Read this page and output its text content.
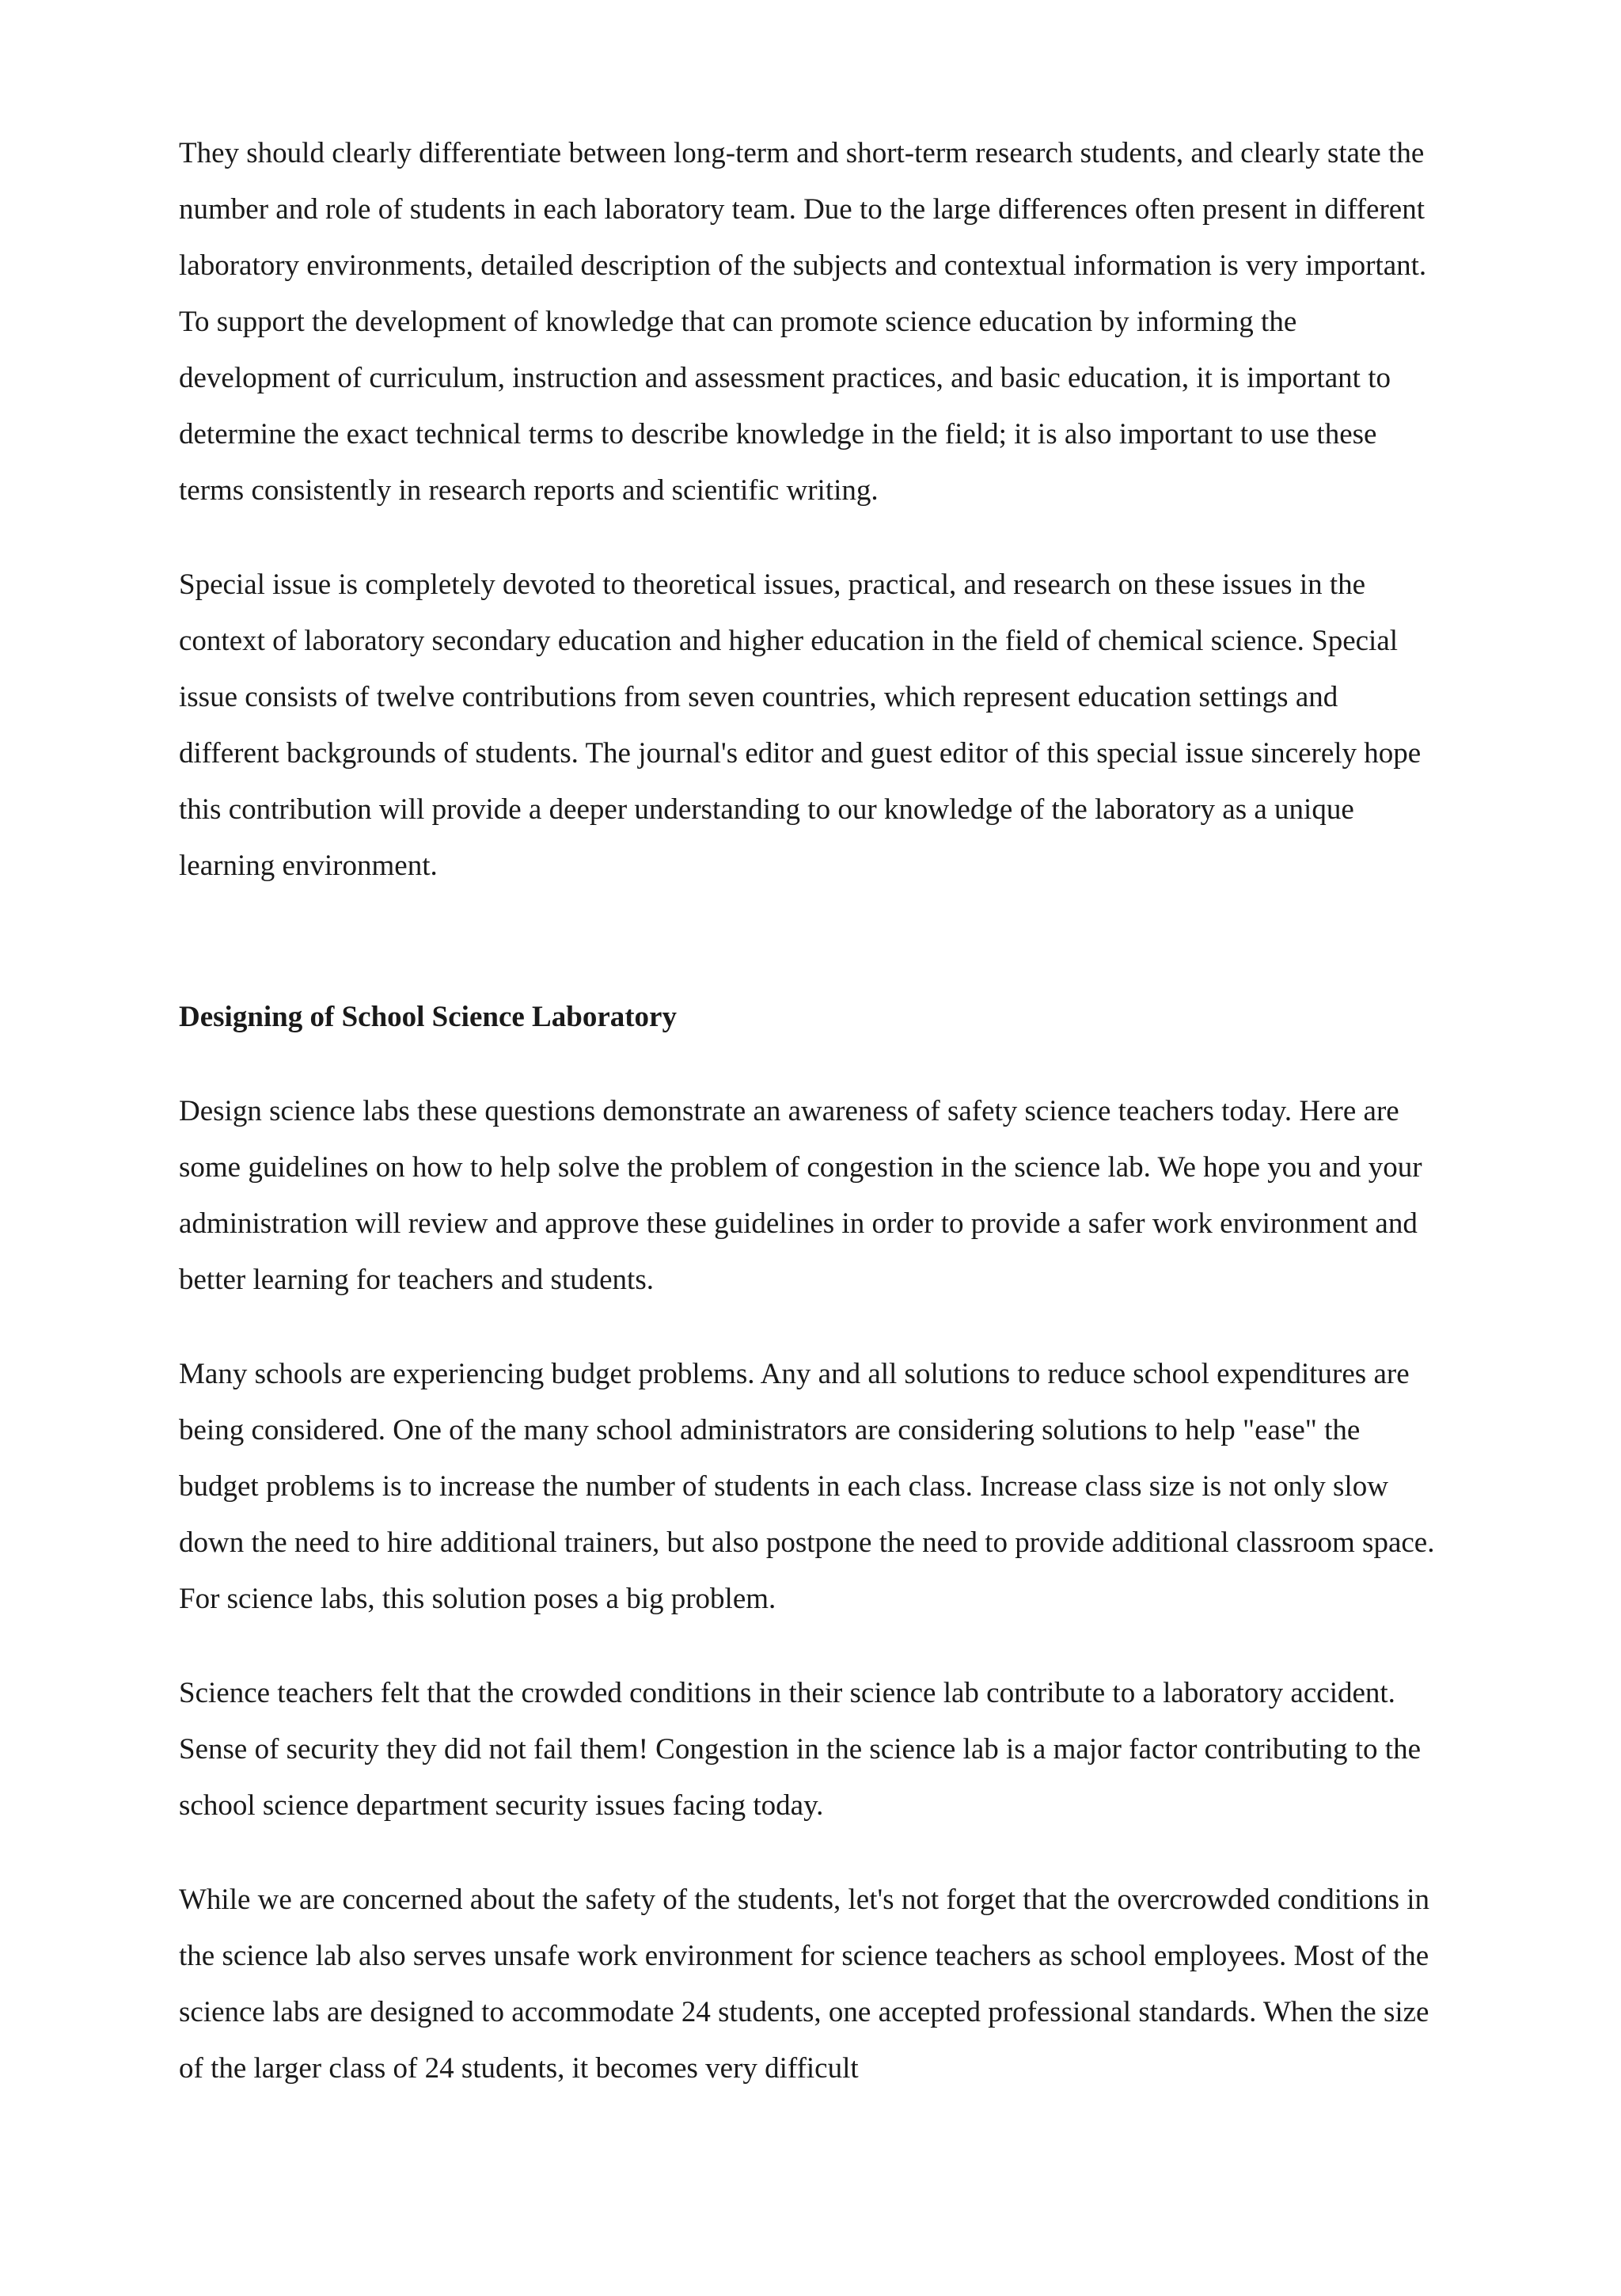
They should clearly differentiate between long-term and short-term research students, and clearly state the number and role of students in each laboratory team. Due to the large differences often present in different laboratory environments, detailed description of the subjects and contextual information is very important. To support the development of knowledge that can promote science education by informing the development of curriculum, instruction and assessment practices, and basic education, it is important to determine the exact technical terms to describe knowledge in the field; it is also important to use these terms consistently in research reports and scientific writing.

Special issue is completely devoted to theoretical issues, practical, and research on these issues in the context of laboratory secondary education and higher education in the field of chemical science. Special issue consists of twelve contributions from seven countries, which represent education settings and different backgrounds of students. The journal's editor and guest editor of this special issue sincerely hope this contribution will provide a deeper understanding to our knowledge of the laboratory as a unique learning environment.

Designing of School Science Laboratory

Design science labs these questions demonstrate an awareness of safety science teachers today. Here are some guidelines on how to help solve the problem of congestion in the science lab. We hope you and your administration will review and approve these guidelines in order to provide a safer work environment and better learning for teachers and students.

Many schools are experiencing budget problems. Any and all solutions to reduce school expenditures are being considered. One of the many school administrators are considering solutions to help "ease" the budget problems is to increase the number of students in each class. Increase class size is not only slow down the need to hire additional trainers, but also postpone the need to provide additional classroom space. For science labs, this solution poses a big problem.

Science teachers felt that the crowded conditions in their science lab contribute to a laboratory accident. Sense of security they did not fail them! Congestion in the science lab is a major factor contributing to the school science department security issues facing today.

While we are concerned about the safety of the students, let's not forget that the overcrowded conditions in the science lab also serves unsafe work environment for science teachers as school employees. Most of the science labs are designed to accommodate 24 students, one accepted professional standards. When the size of the larger class of 24 students, it becomes very difficult
